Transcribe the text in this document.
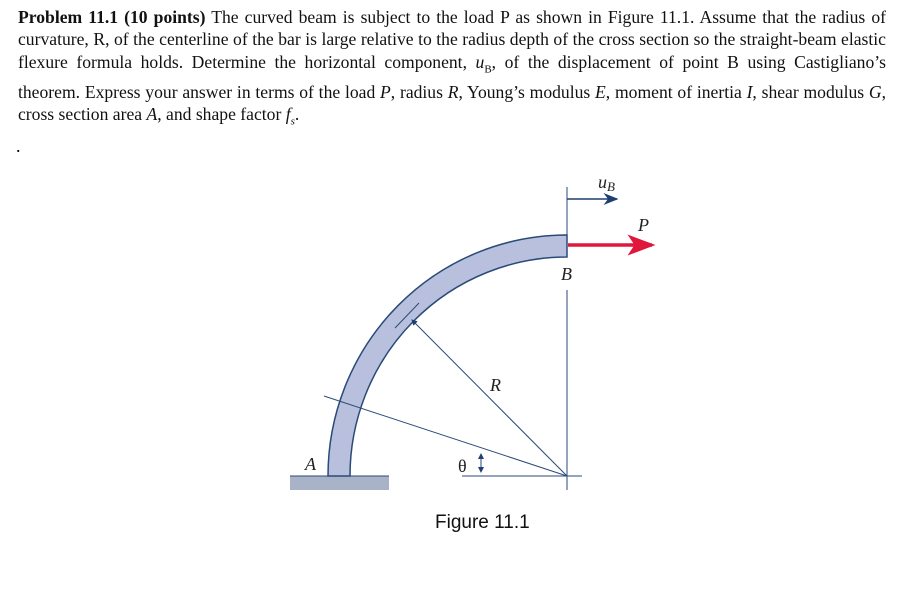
Problem 11.1 (10 points) The curved beam is subject to the load P as shown in Figure 11.1. Assume that the radius of curvature, R, of the centerline of the bar is large relative to the radius depth of the cross section so the straight-beam elastic flexure formula holds. Determine the horizontal component, $u_B$, of the displacement of point B using Castigliano’s theorem. Express your answer in terms of the load P, radius R, Young’s modulus E, moment of inertia I, shear modulus G, cross section area A, and shape factor $f_s$.
.
uB
P
B
R
θ
A
Figure 11.1
